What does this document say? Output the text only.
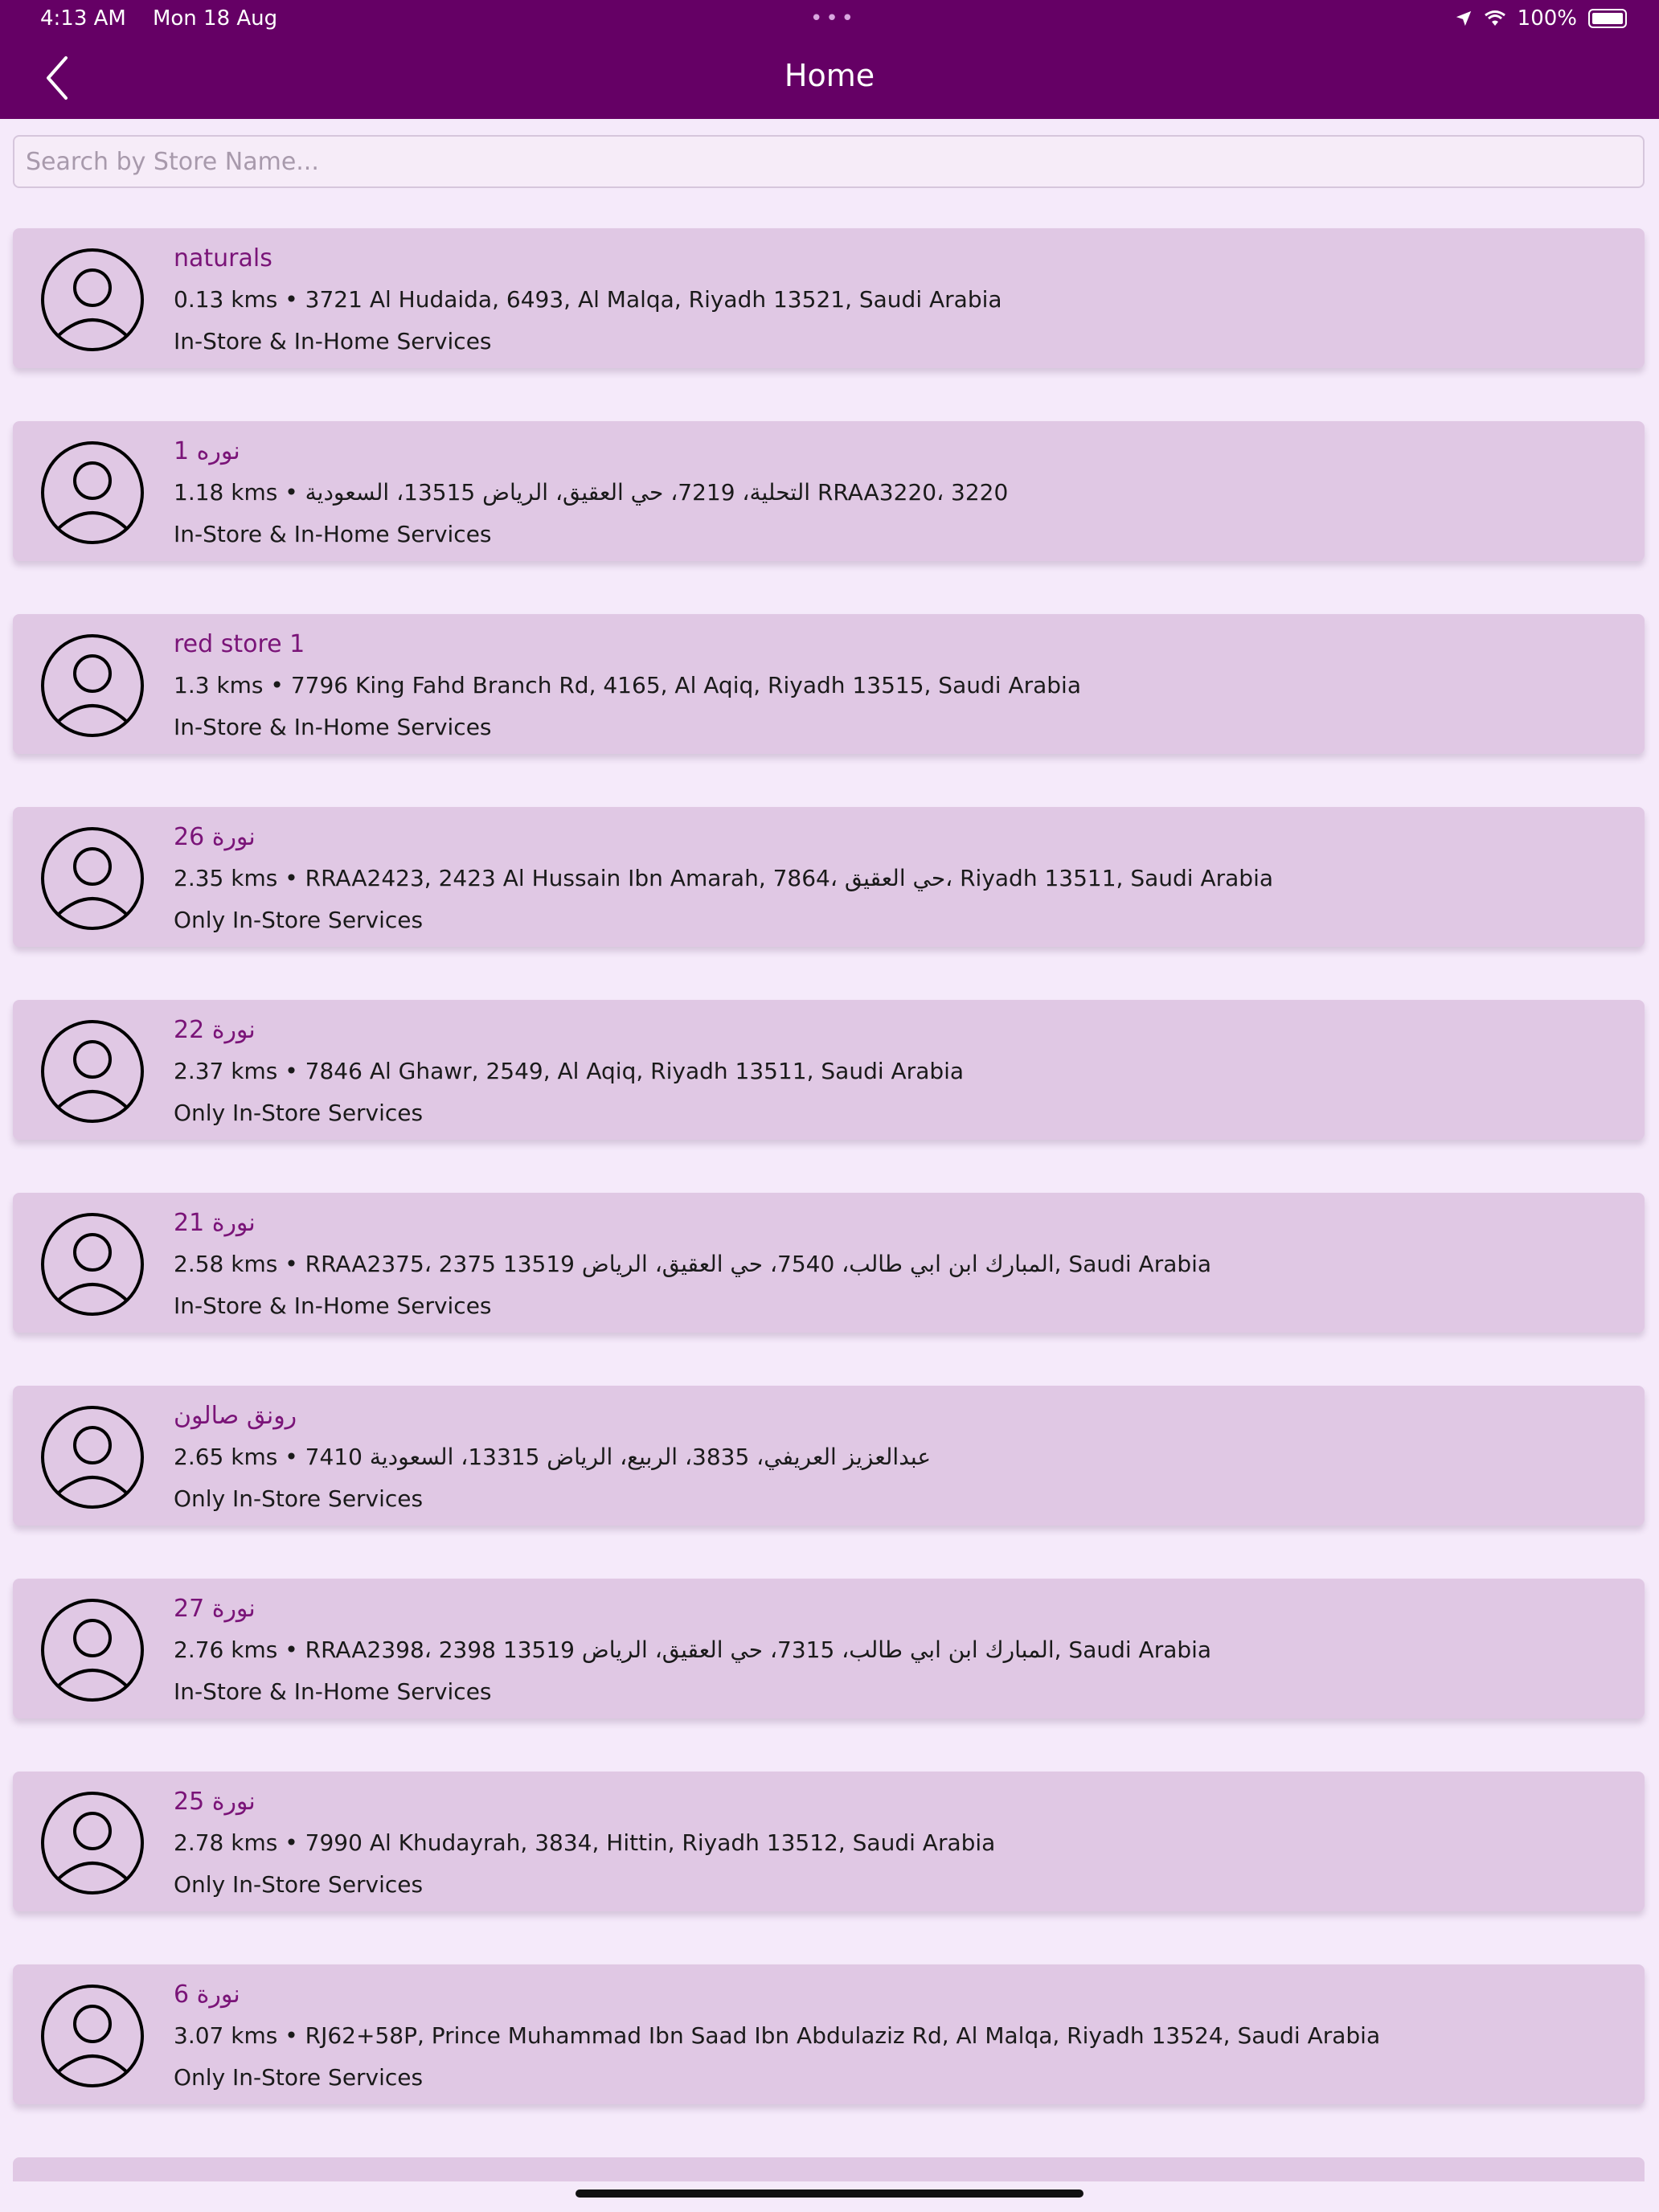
4:13 AM Mon 18 Aug	•••	100%
Home
Search by Store Name...
naturals
0.13 kms • 3721 Al Hudaida, 6493, Al Malqa, Riyadh 13521, Saudi Arabia
In-Store & In-Home Services
نوره 1
1.18 kms • التحلية، 7219، حي العقيق، الرياض 13515، السعودية RRAA3220، 3220
In-Store & In-Home Services
red store 1
1.3 kms • 7796 King Fahd Branch Rd, 4165, Al Aqiq, Riyadh 13515, Saudi Arabia
In-Store & In-Home Services
نورة 26
2.35 kms • RRAA2423, 2423 Al Hussain Ibn Amarah, 7864، حي العقيق، Riyadh 13511, Saudi Arabia
Only In-Store Services
نورة 22
2.37 kms • 7846 Al Ghawr, 2549, Al Aqiq, Riyadh 13511, Saudi Arabia
Only In-Store Services
نورة 21
2.58 kms • RRAA2375، 2375 المبارك ابن ابي طالب، 7540، حي العقيق، الرياض 13519, Saudi Arabia
In-Store & In-Home Services
رونق صالون
2.65 kms • 7410 عبدالعزيز العريفي، 3835، الربيع، الرياض 13315، السعودية
Only In-Store Services
نورة 27
2.76 kms • RRAA2398، 2398 المبارك ابن ابي طالب، 7315، حي العقيق، الرياض 13519, Saudi Arabia
In-Store & In-Home Services
نورة 25
2.78 kms • 7990 Al Khudayrah, 3834, Hittin, Riyadh 13512, Saudi Arabia
Only In-Store Services
نورة 6
3.07 kms • RJ62+58P, Prince Muhammad Ibn Saad Ibn Abdulaziz Rd, Al Malqa, Riyadh 13524, Saudi Arabia
Only In-Store Services
